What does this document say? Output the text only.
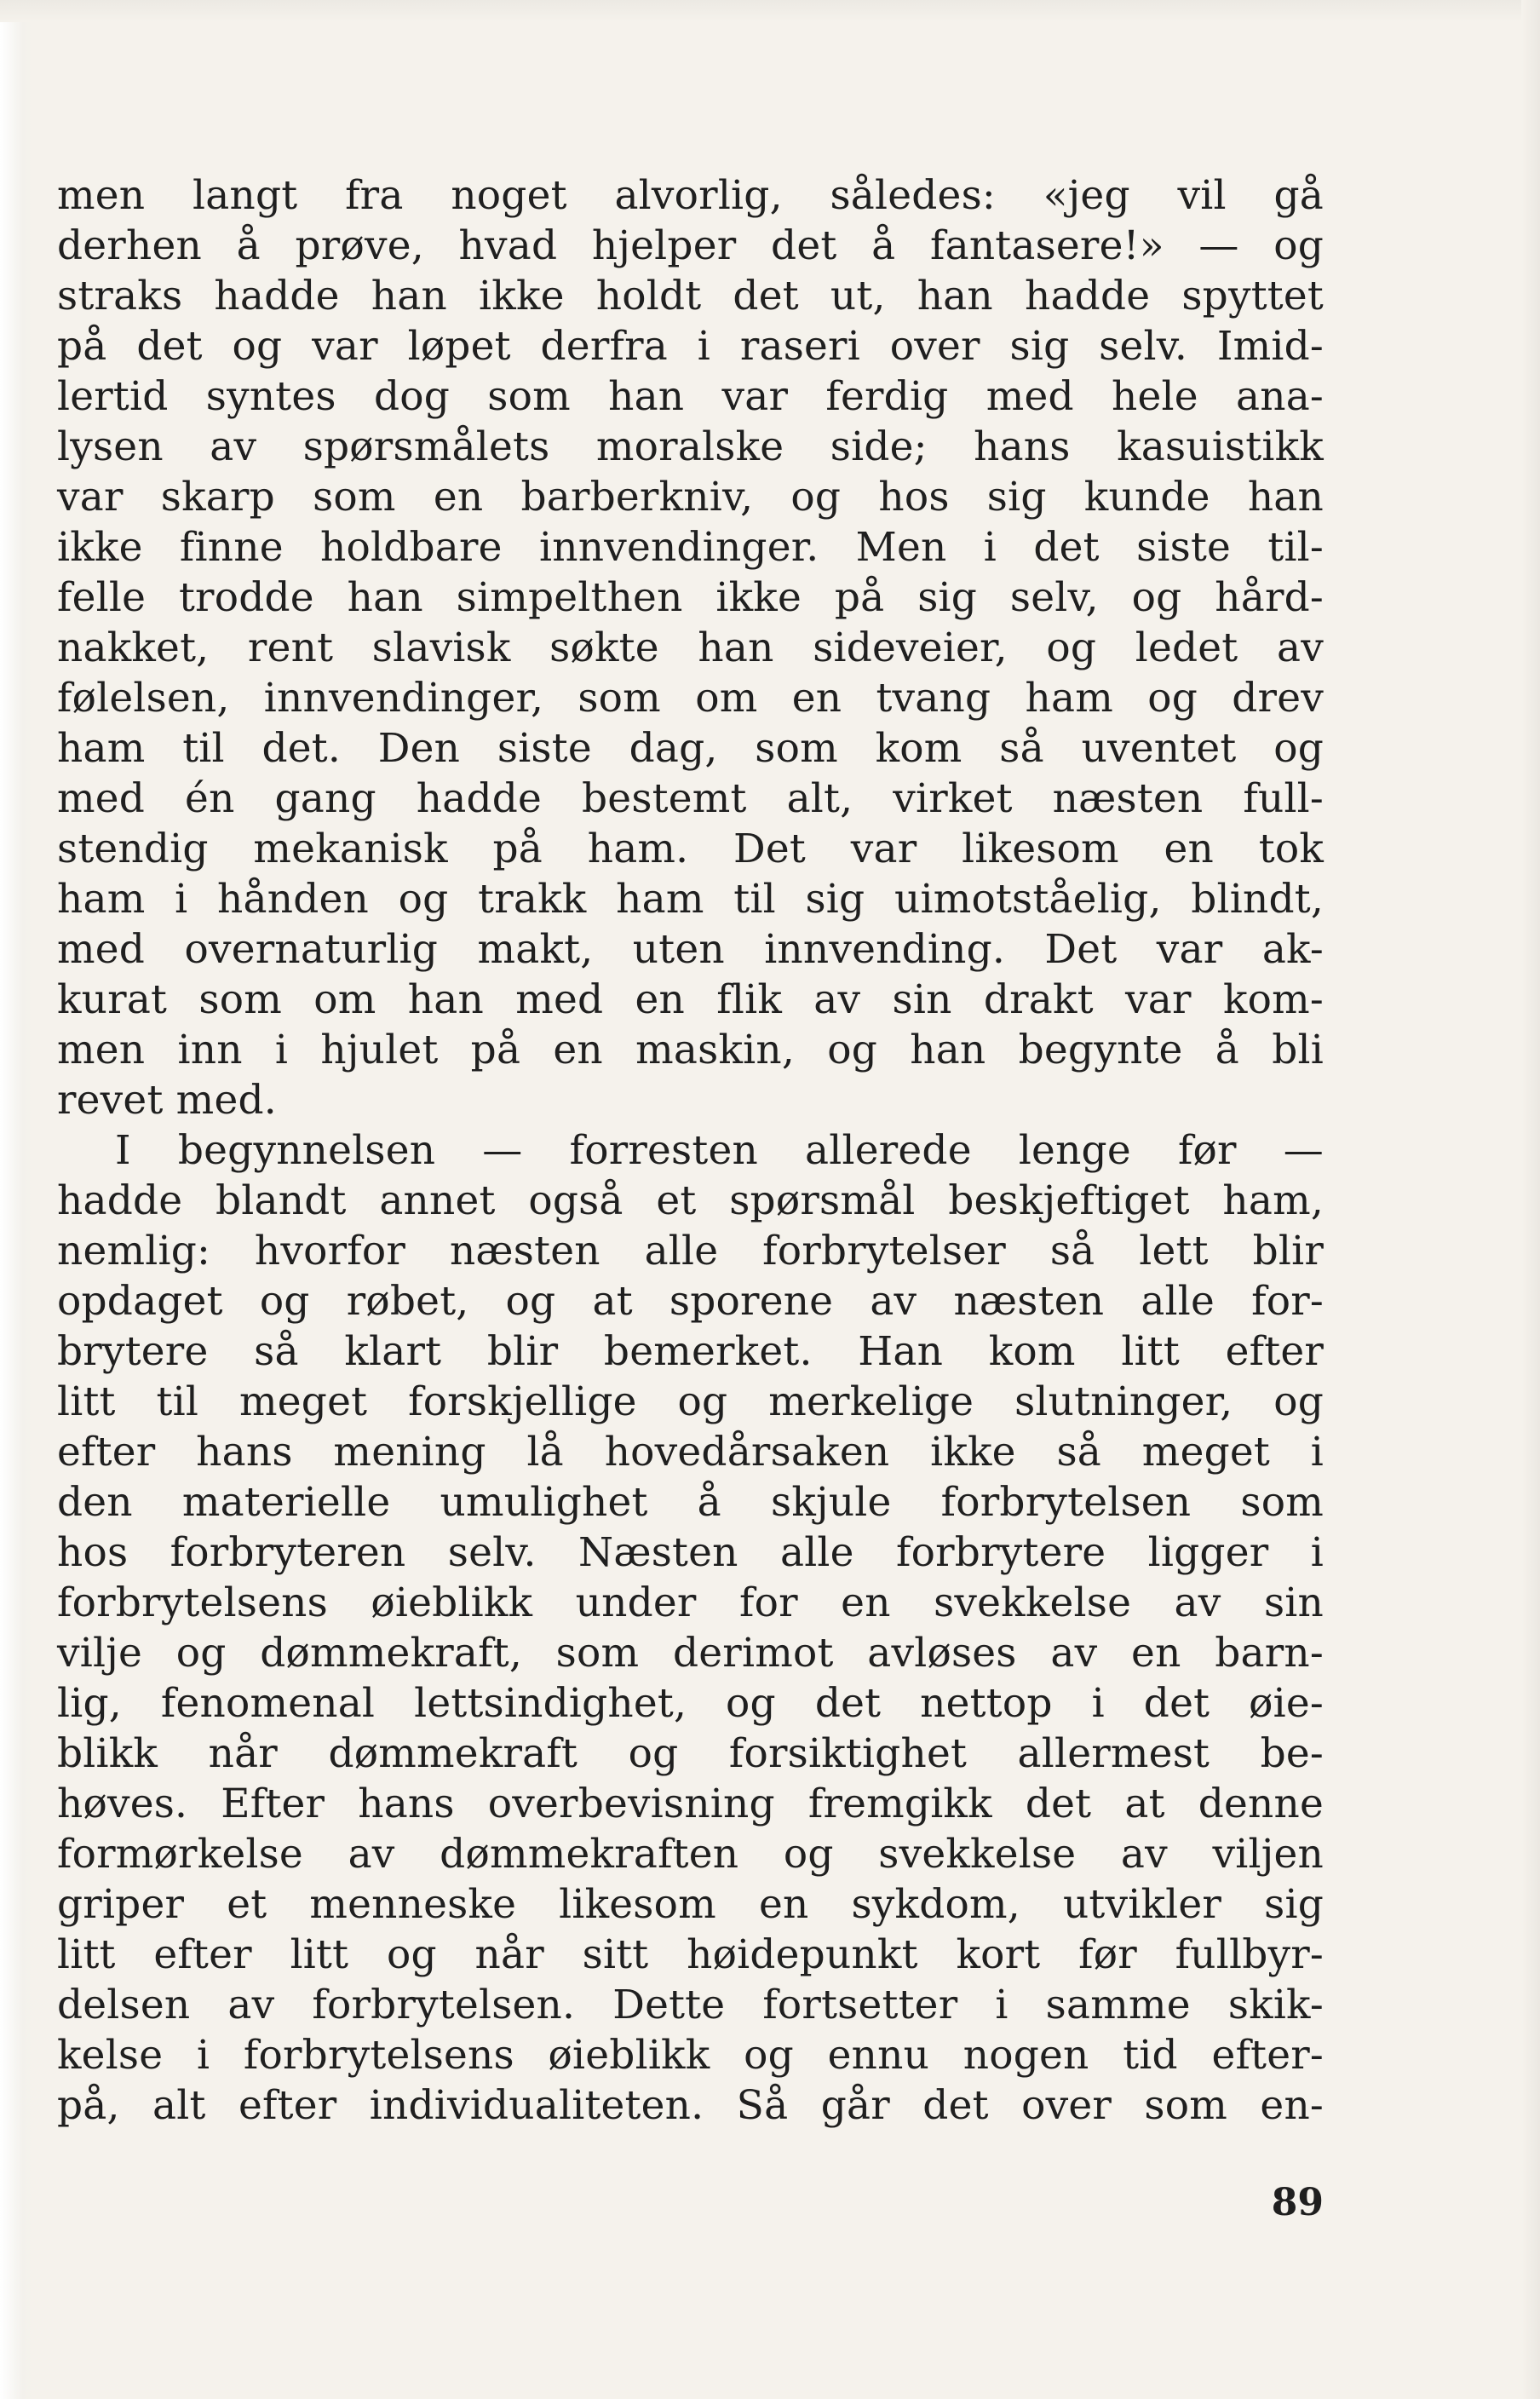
men langt fra noget alvorlig, således: «jeg vil gå
derhen å prøve, hvad hjelper det å fantasere!» — og
straks hadde han ikke holdt det ut, han hadde spyttet
på det og var løpet derfra i raseri over sig selv. Imid-
lertid syntes dog som han var ferdig med hele ana-
lysen av spørsmålets moralske side; hans kasuistikk
var skarp som en barberkniv, og hos sig kunde han
ikke finne holdbare innvendinger. Men i det siste til-
felle trodde han simpelthen ikke på sig selv, og hård-
nakket, rent slavisk søkte han sideveier, og ledet av
følelsen, innvendinger, som om en tvang ham og drev
ham til det. Den siste dag, som kom så uventet og
med én gang hadde bestemt alt, virket næsten full-
stendig mekanisk på ham. Det var likesom en tok
ham i hånden og trakk ham til sig uimotståelig, blindt,
med overnaturlig makt, uten innvending. Det var ak-
kurat som om han med en flik av sin drakt var kom-
men inn i hjulet på en maskin, og han begynte å bli
revet med.
I begynnelsen — forresten allerede lenge før —
hadde blandt annet også et spørsmål beskjeftiget ham,
nemlig: hvorfor næsten alle forbrytelser så lett blir
opdaget og røbet, og at sporene av næsten alle for-
brytere så klart blir bemerket. Han kom litt efter
litt til meget forskjellige og merkelige slutninger, og
efter hans mening lå hovedårsaken ikke så meget i
den materielle umulighet å skjule forbrytelsen som
hos forbryteren selv. Næsten alle forbrytere ligger i
forbrytelsens øieblikk under for en svekkelse av sin
vilje og dømmekraft, som derimot avløses av en barn-
lig, fenomenal lettsindighet, og det nettop i det øie-
blikk når dømmekraft og forsiktighet allermest be-
høves. Efter hans overbevisning fremgikk det at denne
formørkelse av dømmekraften og svekkelse av viljen
griper et menneske likesom en sykdom, utvikler sig
litt efter litt og når sitt høidepunkt kort før fullbyr-
delsen av forbrytelsen. Dette fortsetter i samme skik-
kelse i forbrytelsens øieblikk og ennu nogen tid efter-
på, alt efter individualiteten. Så går det over som en-
89
